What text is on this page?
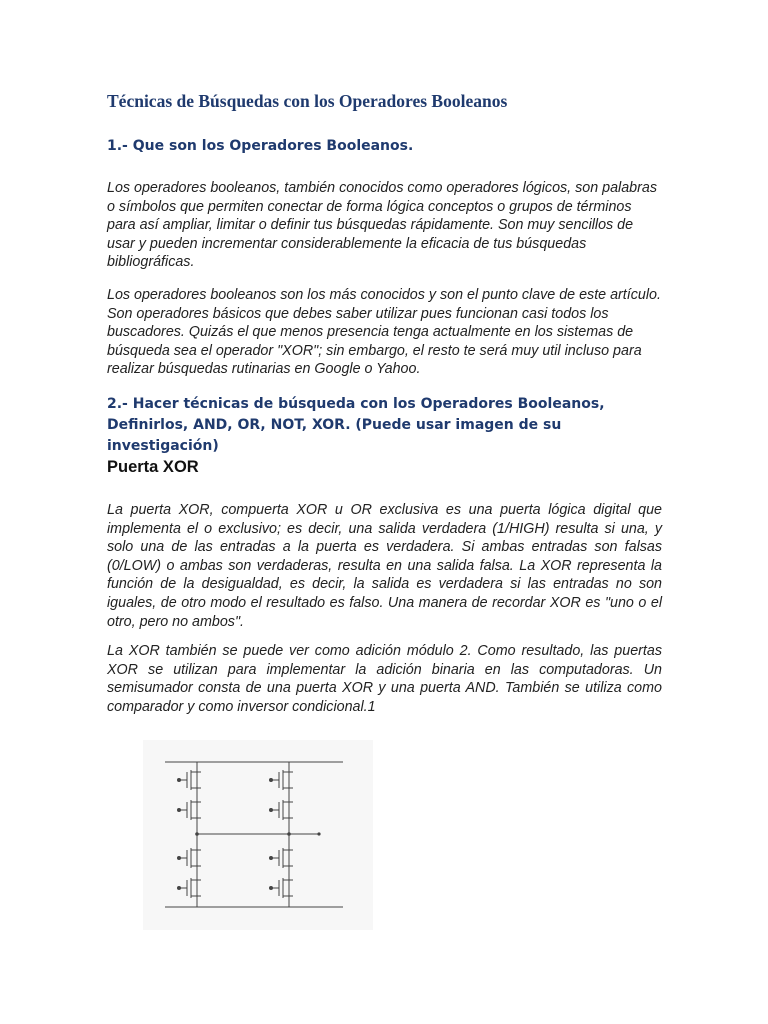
Técnicas de Búsquedas con los Operadores Booleanos
1.- Que son los Operadores Booleanos.

Los operadores booleanos, también conocidos como operadores lógicos, son palabras o símbolos que permiten conectar de forma lógica conceptos o grupos de términos para así ampliar, limitar o definir tus búsquedas rápidamente. Son muy sencillos de usar y pueden incrementar considerablemente la eficacia de tus búsquedas bibliográficas.

Los operadores booleanos son los más conocidos y son el punto clave de este artículo. Son operadores básicos que debes saber utilizar pues funcionan casi todos los buscadores. Quizás el que menos presencia tenga actualmente en los sistemas de búsqueda sea el operador "XOR"; sin embargo, el resto te será muy util incluso para realizar búsquedas rutinarias en Google o Yahoo.

2.- Hacer técnicas de búsqueda con los Operadores Booleanos, Definirlos, AND, OR, NOT, XOR. (Puede usar imagen de su investigación)
Puerta XOR

La puerta XOR, compuerta XOR u OR exclusiva es una puerta lógica digital que implementa el o exclusivo; es decir, una salida verdadera (1/HIGH) resulta si una, y solo una de las entradas a la puerta es verdadera. Si ambas entradas son falsas (0/LOW) o ambas son verdaderas, resulta en una salida falsa. La XOR representa la función de la desigualdad, es decir, la salida es verdadera si las entradas no son iguales, de otro modo el resultado es falso. Una manera de recordar XOR es "uno o el otro, pero no ambos".

La XOR también se puede ver como adición módulo 2. Como resultado, las puertas XOR se utilizan para implementar la adición binaria en las computadoras. Un semisumador consta de una puerta XOR y una puerta AND. También se utiliza como comparador y como inversor condicional.1
